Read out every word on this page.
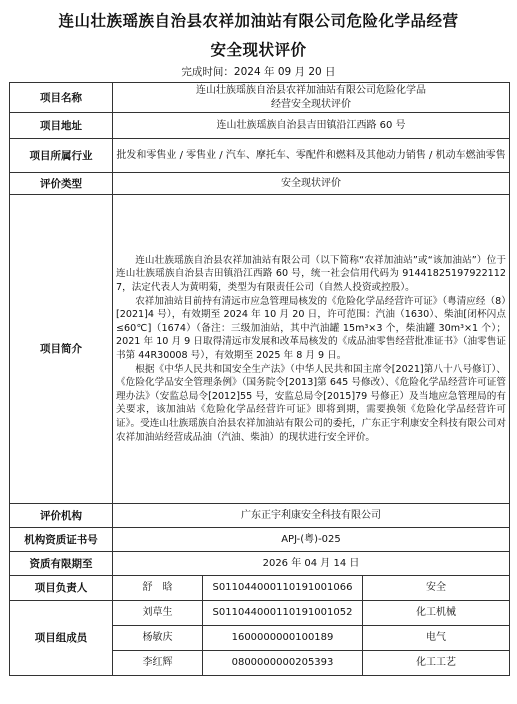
连山壮族瑶族自治县农祥加油站有限公司危险化学品经营
安全现状评价
完成时间：2024 年 09 月 20 日
项目名称	连山壮族瑶族自治县农祥加油站有限公司危险化学品
经营安全现状评价		

项目地址	连山壮族瑶族自治县吉田镇沿江西路 60 号		
项目所属行业	批发和零售业 / 零售业 / 汽车、摩托车、零配件和燃料及其他动力销售 / 机动车燃油零售		
评价类型	安全现状评价		
项目简介	连山壮族瑶族自治县农祥加油站有限公司（以下简称“农祥加油站”或“该加油站”）位于连山壮族瑶族自治县吉田镇沿江西路 60 号，统一社会信用代码为 91441825197922112​7，法定代表人为黄明菊，类型为有限责任公司（自然人投资或控股）。

农祥加油站目前持有清远市应急管理局核发的《危险化学品经营许可证》（粤清应经（8）[2021]4 号），有效期至 2024 年 10 月 20 日，许可范围：汽油（1630）、柴油[闭杯闪点≤60℃]（1674）（备注：三级加油站，其中汽油罐 15m³×3 个，柴油罐 30m³×1 个）；2021 年 10 月 9 日取得清远市发展和改革局核发的《成品油零售经营批准证书》（油零售证书第 44R30008 号），有效期至 2025 年 8 月 9 日。

根据《中华人民共和国安全生产法》（中华人民共和国主席令[2021]第八十八号修订）、《危险化学品安全管理条例》（国务院令[2013]第 645 号修改）、《危险化学品经营许可证管理办法》（安监总局令[2012]55 号，安监总局令[2015]79 号修正）及当地应急管理局的有关要求，该加油站《危险化学品经营许可证》即将到期，需要换领《危险化学品经营许可证》。受连山壮族瑶族自治县农祥加油站有限公司的委托，广东正宇利康安全科技有限公司对农祥加油站经营成品油（汽油、柴油）的现状进行安全评价。		

评价机构	广东正宇利康安全科技有限公司		
机构资质证书号	APJ-(粤)-025		
资质有限期至	2026 年 04 月 14 日		
项目负责人	舒　晗	S011044000110191001066	安全
项目组成员	刘草生	S011044000110191001052	化工机械
	杨敏庆	1600000000100189	电气
	李红辉	0800000000205393	化工工艺
